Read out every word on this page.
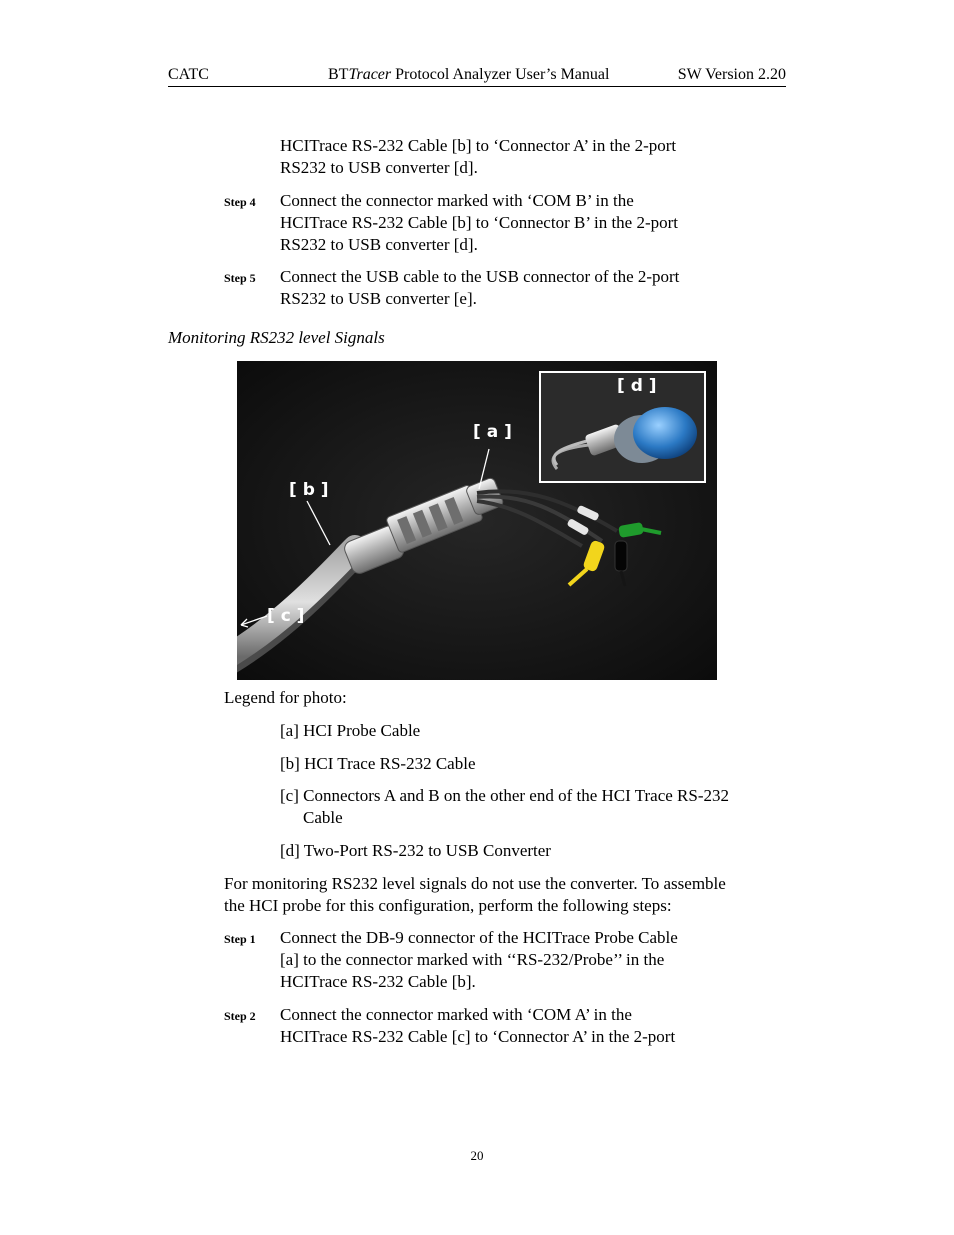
CATC	BTTracer Protocol Analyzer User’s Manual	SW Version 2.20
HCITrace RS-232 Cable [b] to ‘Connector A’ in the 2-port
RS232 to USB converter [d].
Step 4 Connect the connector marked with ‘COM B’ in the
HCITrace RS-232 Cable [b] to ‘Connector B’ in the 2-port
RS232 to USB converter [d].
Step 5 Connect the USB cable to the USB connector of the 2-port
RS232 to USB converter [e].
Monitoring RS232 level Signals
[ a ]
[ b ]
[ c ]
[ d ]
Legend for photo:
[a] HCI Probe Cable
[b] HCI Trace RS-232 Cable
[c] Connectors A and B on the other end of the HCI Trace RS-232
Cable
[d] Two-Port RS-232 to USB Converter
For monitoring RS232 level signals do not use the converter. To assemble
the HCI probe for this configuration, perform the following steps:
Step 1 Connect the DB-9 connector of the HCITrace Probe Cable
[a] to the connector marked with ‘‘RS-232/Probe’’ in the
HCITrace RS-232 Cable [b].
Step 2 Connect the connector marked with ‘COM A’ in the
HCITrace RS-232 Cable [c] to ‘Connector A’ in the 2-port
20
